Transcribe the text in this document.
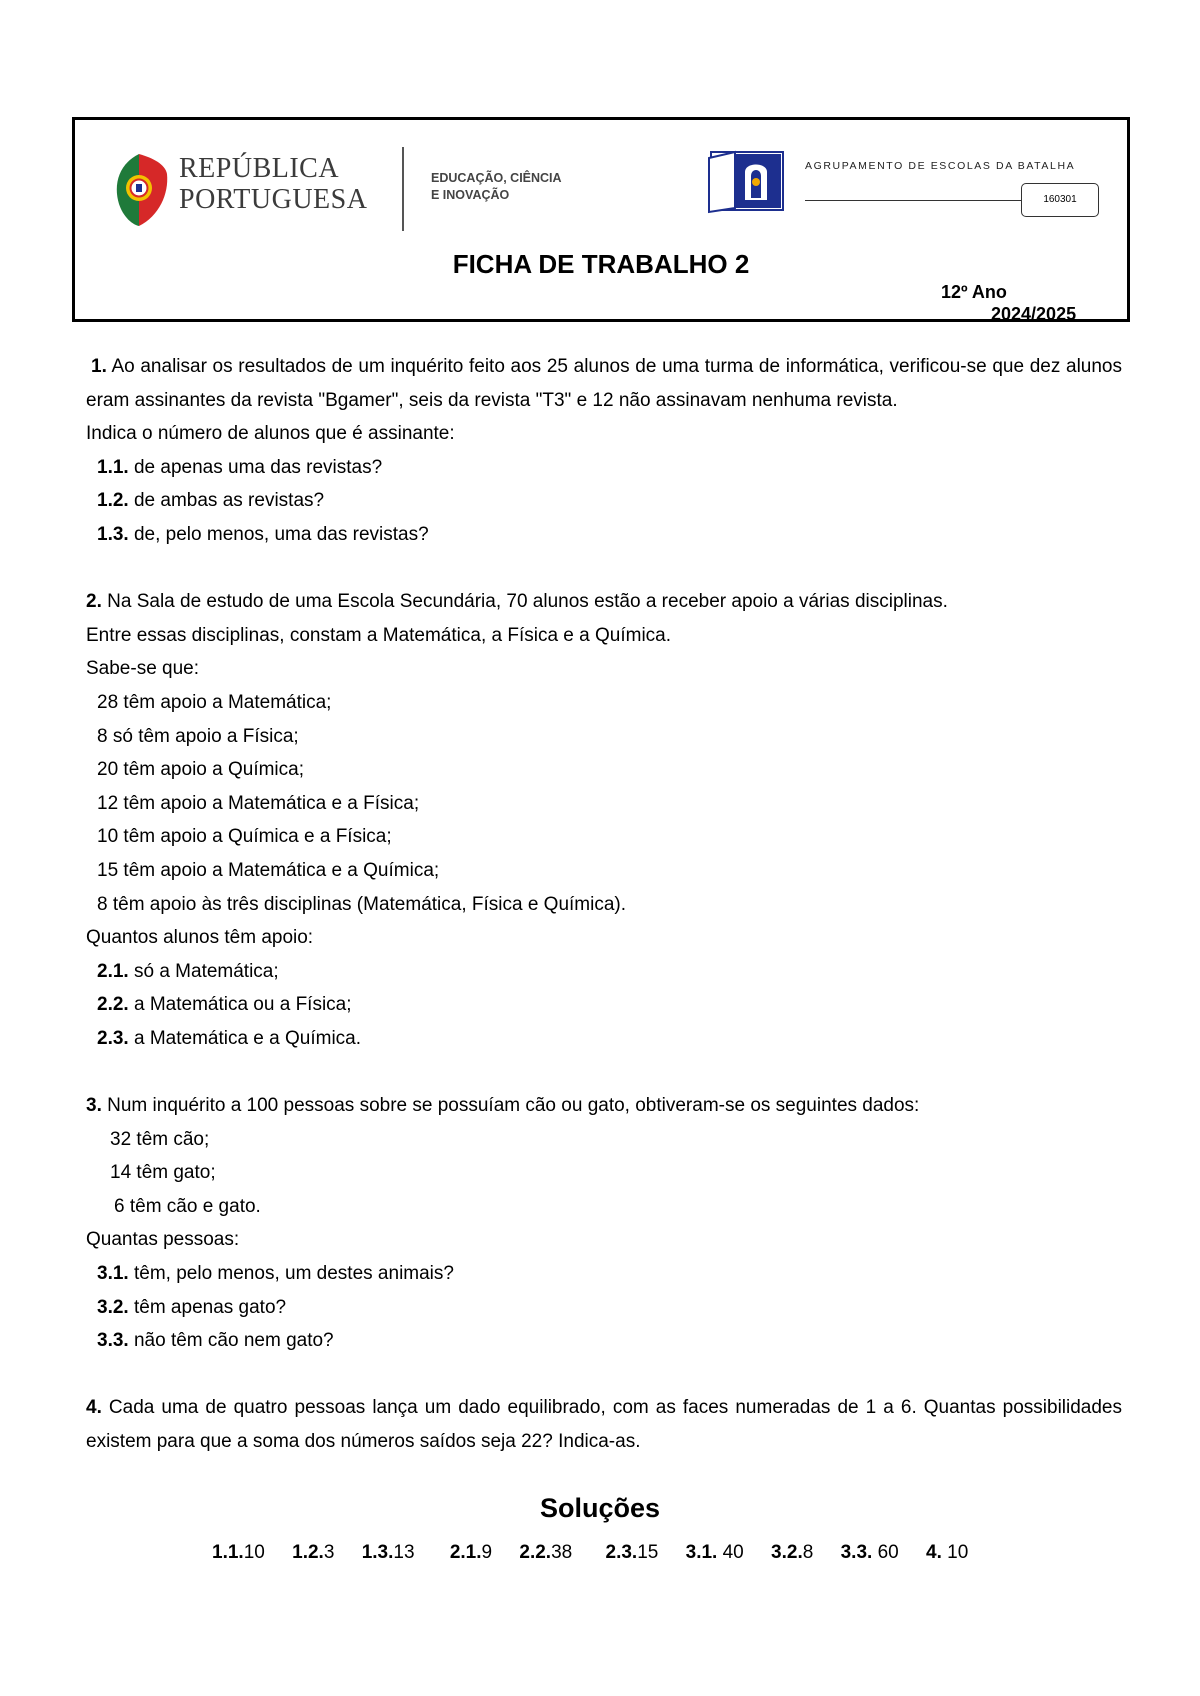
REPÚBLICA
PORTUGUESA
EDUCAÇÃO, CIÊNCIA
E INOVAÇÃO
AGRUPAMENTO DE ESCOLAS DA BATALHA
160301
FICHA DE TRABALHO 2
12º Ano
2024/2025

1. Ao analisar os resultados de um inquérito feito aos 25 alunos de uma turma de informática, verificou-se que dez alunos eram assinantes da revista "Bgamer", seis da revista "T3" e 12 não assinavam nenhuma revista.

Indica o número de alunos que é assinante:

1.1. de apenas uma das revistas?

1.2. de ambas as revistas?

1.3. de, pelo menos, uma das revistas?

2. Na Sala de estudo de uma Escola Secundária, 70 alunos estão a receber apoio a várias disciplinas.

Entre essas disciplinas, constam a Matemática, a Física e a Química.

Sabe-se que:

28 têm apoio a Matemática;

8 só têm apoio a Física;

20 têm apoio a Química;

12 têm apoio a Matemática e a Física;

10 têm apoio a Química e a Física;

15 têm apoio a Matemática e a Química;

8 têm apoio às três disciplinas (Matemática, Física e Química).

Quantos alunos têm apoio:

2.1. só a Matemática;

2.2. a Matemática ou a Física;

2.3. a Matemática e a Química.

3. Num inquérito a 100 pessoas sobre se possuíam cão ou gato, obtiveram-se os seguintes dados:

32 têm cão;

14 têm gato;

6 têm cão e gato.

Quantas pessoas:

3.1. têm, pelo menos, um destes animais?

3.2. têm apenas gato?

3.3. não têm cão nem gato?

4. Cada uma de quatro pessoas lança um dado equilibrado, com as faces numeradas de 1 a 6. Quantas possibilidades existem para que a soma dos números saídos seja 22? Indica-as.

Soluções
1.1.10 1.2.3 1.3.13 2.1.9 2.2.38 2.3.15 3.1. 40 3.2.8 3.3. 60 4. 10
